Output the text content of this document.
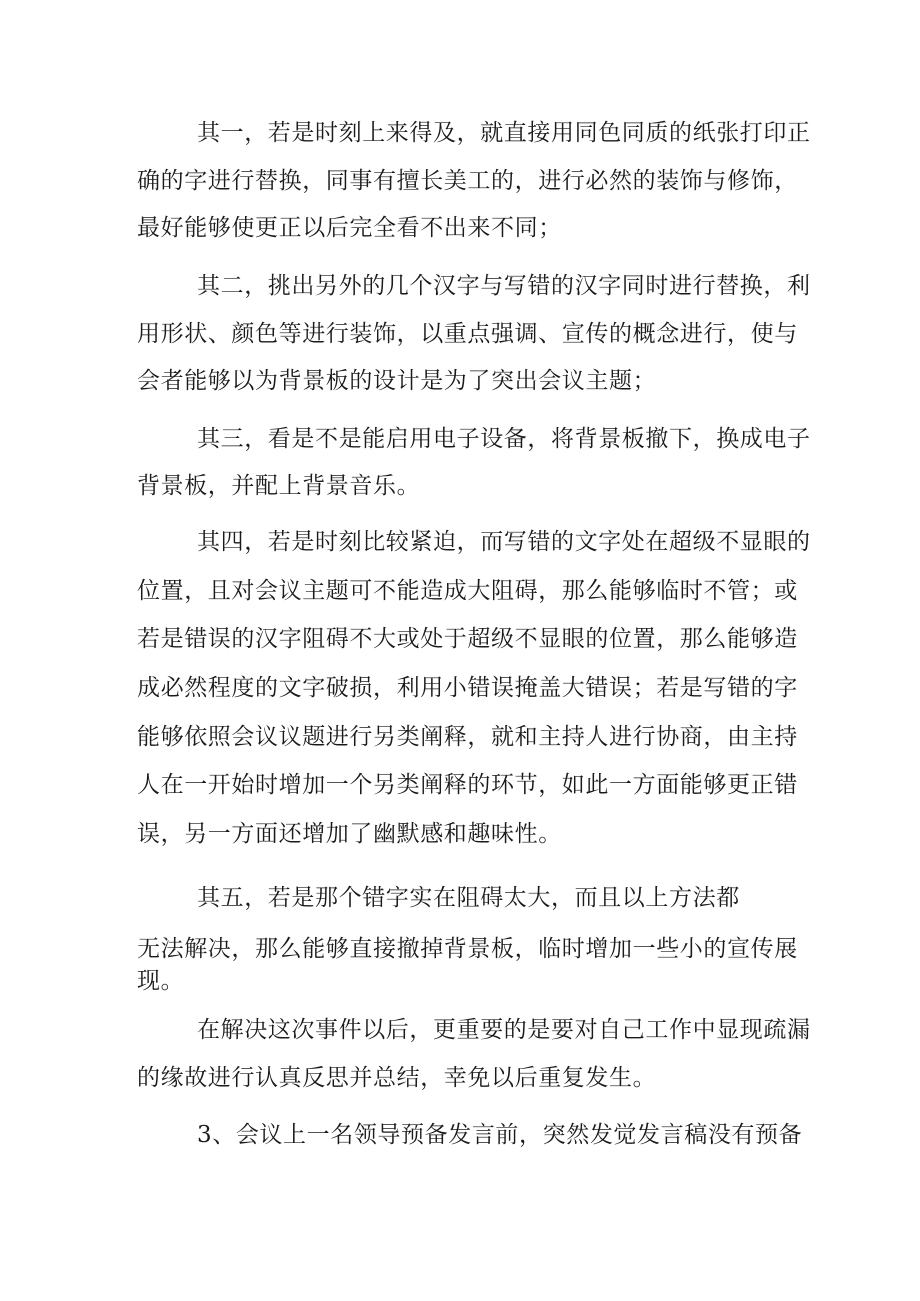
其一，若是时刻上来得及，就直接用同色同质的纸张打印正
确的字进行替换，同事有擅长美工的，进行必然的装饰与修饰，
最好能够使更正以后完全看不出来不同；
其二，挑出另外的几个汉字与写错的汉字同时进行替换，利
用形状、颜色等进行装饰，以重点强调、宣传的概念进行，使与
会者能够以为背景板的设计是为了突出会议主题；
其三，看是不是能启用电子设备，将背景板撤下，换成电子
背景板，并配上背景音乐。
其四，若是时刻比较紧迫，而写错的文字处在超级不显眼的
位置，且对会议主题可不能造成大阻碍，那么能够临时不管；或
若是错误的汉字阻碍不大或处于超级不显眼的位置，那么能够造
成必然程度的文字破损，利用小错误掩盖大错误；若是写错的字
能够依照会议议题进行另类阐释，就和主持人进行协商，由主持
人在一开始时增加一个另类阐释的环节，如此一方面能够更正错
误，另一方面还增加了幽默感和趣味性。
其五，若是那个错字实在阻碍太大，而且以上方法都
无法解决，那么能够直接撤掉背景板，临时增加一些小的宣传展
现。
在解决这次事件以后，更重要的是要对自己工作中显现疏漏
的缘故进行认真反思并总结，幸免以后重复发生。
3、会议上一名领导预备发言前，突然发觉发言稿没有预备
